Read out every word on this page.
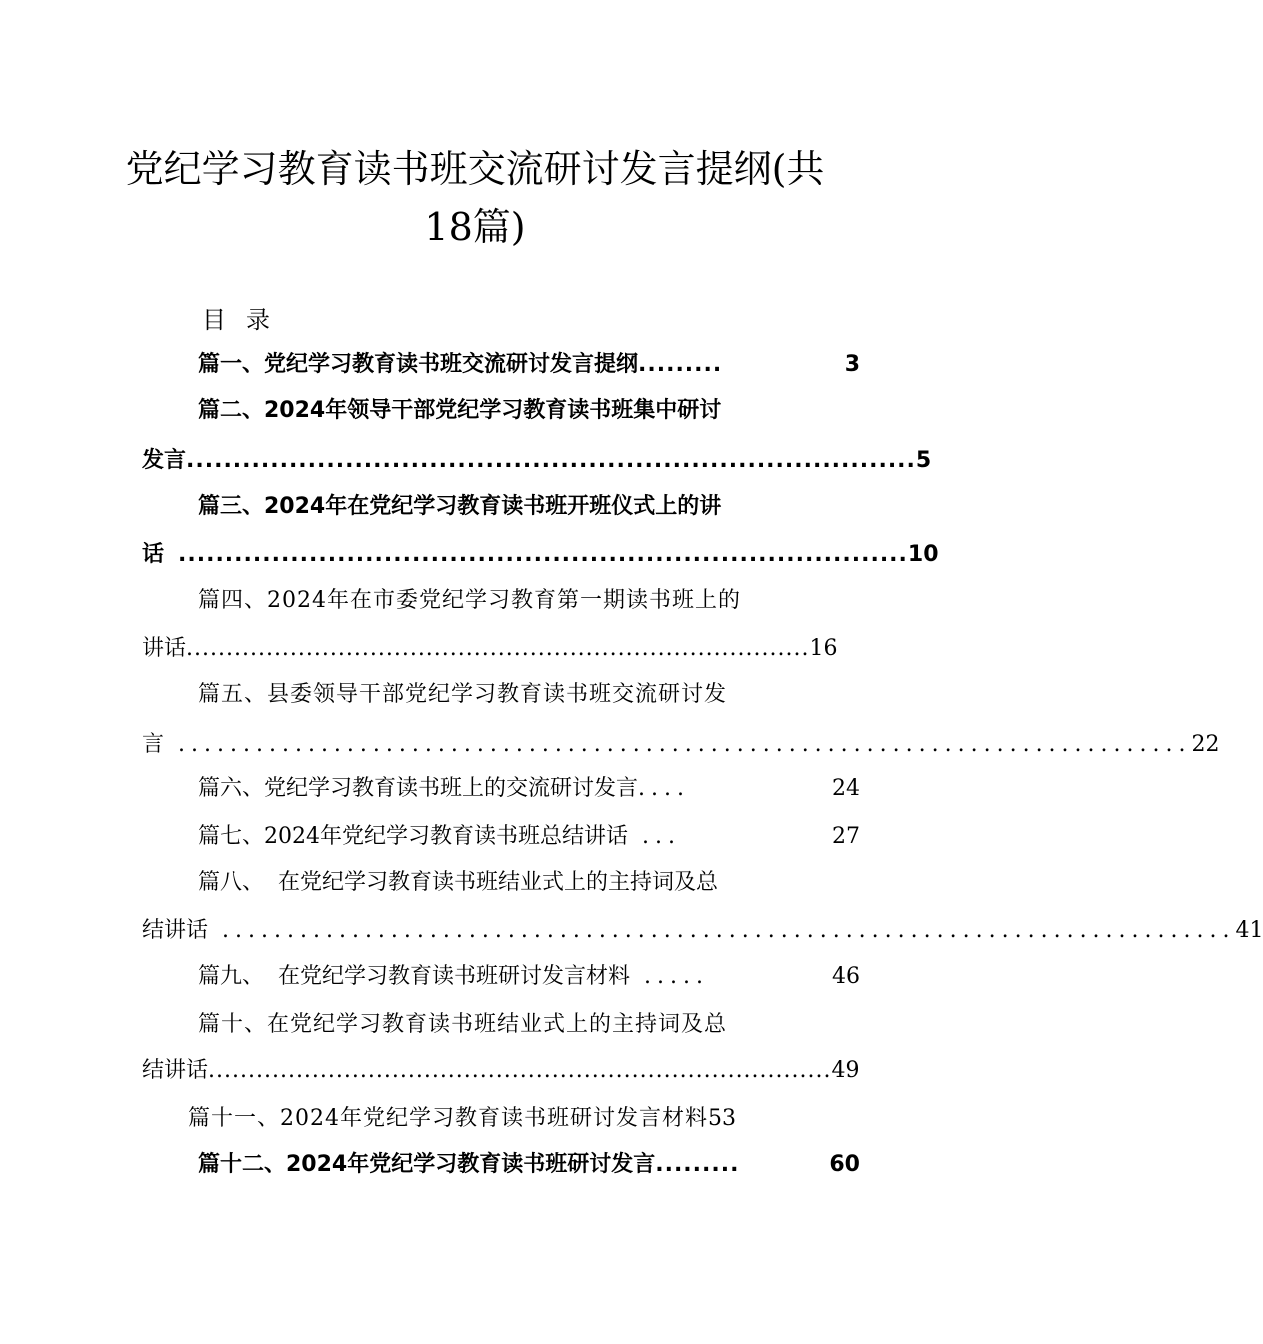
党纪学习教育读书班交流研讨发言提纲(共
18篇)
目录
篇一、党纪学习教育读书班交流研讨发言提纲 .........	3
篇二、2024年领导干部党纪学习教育读书班集中研讨
发言 .............................................................................. 5
篇三、2024年在党纪学习教育读书班开班仪式上的讲
话 .............................................................................. 10
篇四、2024年在市委党纪学习教育第一期读书班上的
讲话 .............................................................................. 16
篇五、县委领导干部党纪学习教育读书班交流研讨发
言 .............................................................................. 22
篇六、党纪学习教育读书班上的交流研讨发言 ....	24
篇七、2024年党纪学习教育读书班总结讲话 ...	27
篇八、  在党纪学习教育读书班结业式上的主持词及总
结讲话 .............................................................................. 41
篇九、  在党纪学习教育读书班研讨发言材料 .....	46
篇十、在党纪学习教育读书班结业式上的主持词及总
结讲话 .............................................................................. 49
篇十一、2024年党纪学习教育读书班研讨发言材料 53
篇十二、2024年党纪学习教育读书班研讨发言 .........	60
